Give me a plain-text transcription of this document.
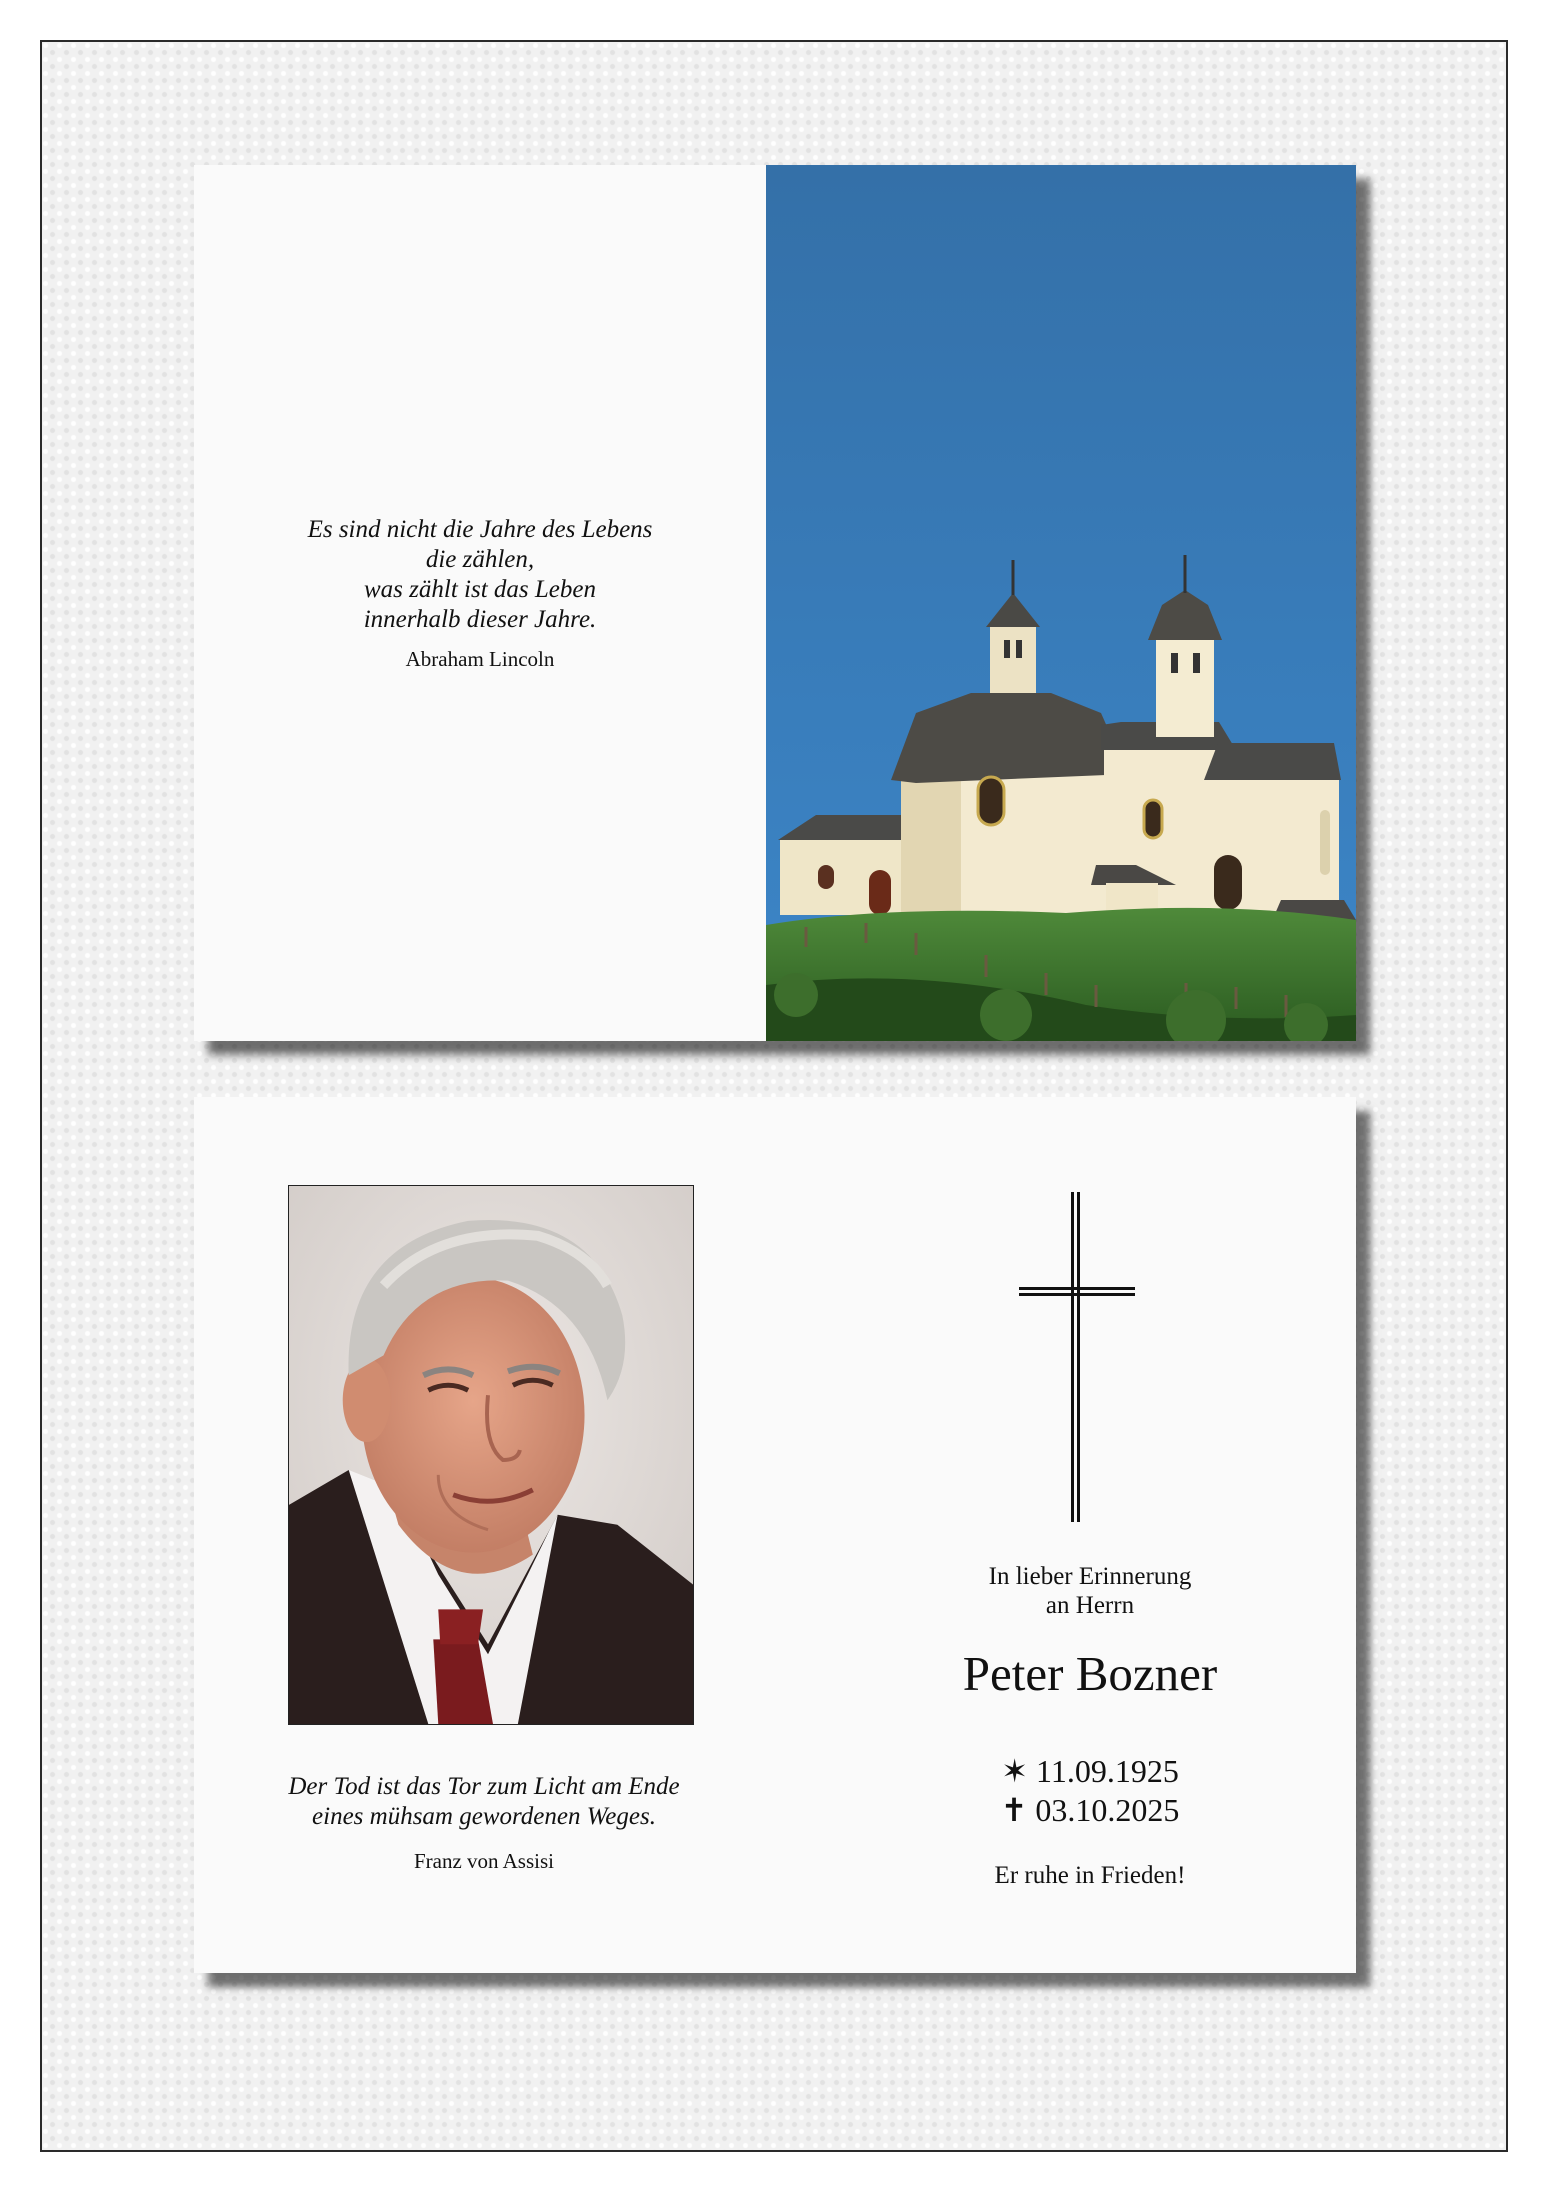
Es sind nicht die Jahre des Lebens
die zählen,
was zählt ist das Leben
innerhalb dieser Jahre.
Abraham Lincoln
Der Tod ist das Tor zum Licht am Ende
eines mühsam gewordenen Weges.
Franz von Assisi
In lieber Erinnerung
an Herrn
Peter Bozner
✶ 11.09.1925
✝ 03.10.2025
Er ruhe in Frieden!
